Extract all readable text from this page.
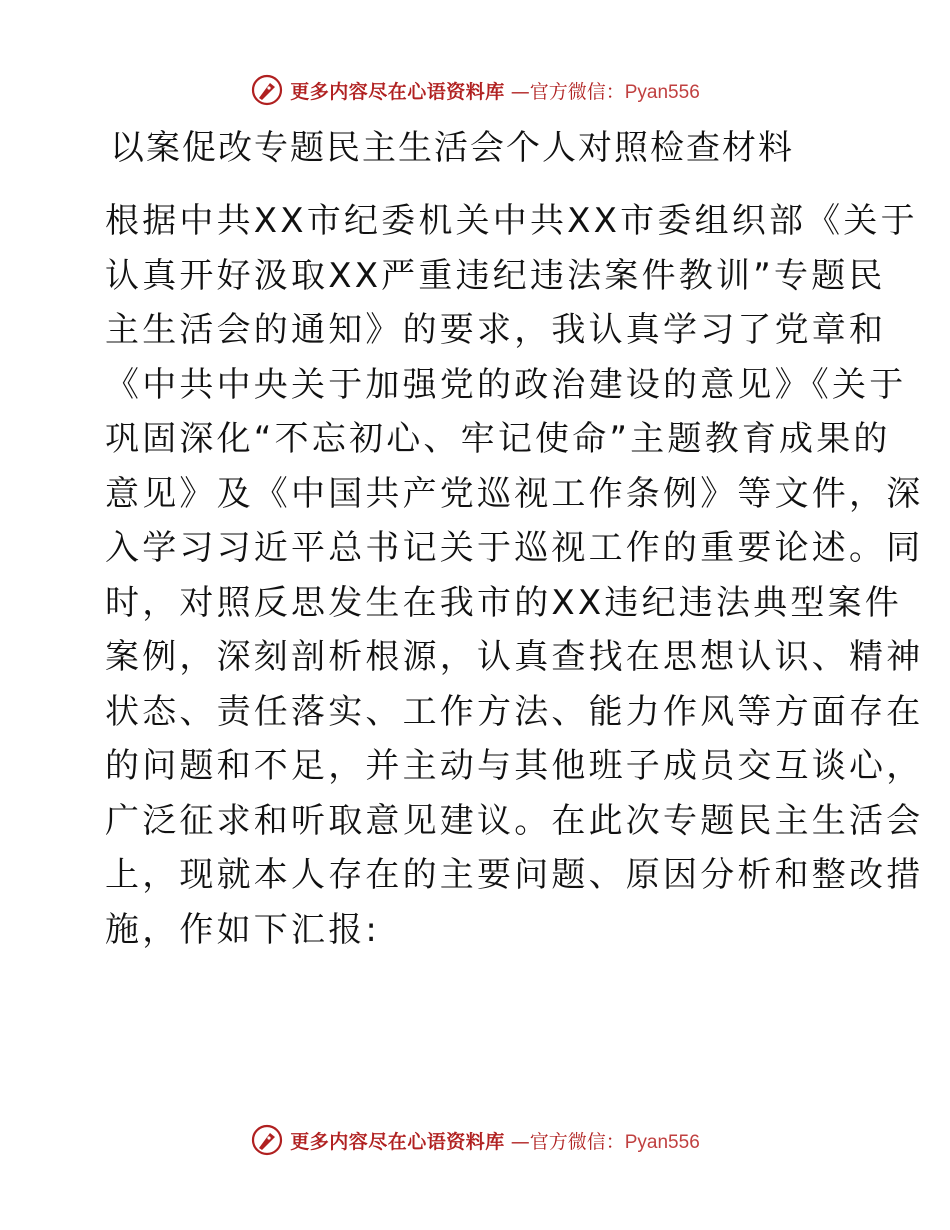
更多内容尽在心语资料库 —官方微信：Pyan556
以案促改专题民主生活会个人对照检查材料
根据中共XX市纪委机关中共XX市委组织部《关于
认真开好汲取XX严重违纪违法案件教训”专题民
主生活会的通知》的要求，我认真学习了党章和
《中共中央关于加强党的政治建设的意见》《关于
巩固深化“不忘初心、牢记使命”主题教育成果的
意见》及《中国共产党巡视工作条例》等文件，深
入学习习近平总书记关于巡视工作的重要论述。同
时，对照反思发生在我市的XX违纪违法典型案件
案例，深刻剖析根源，认真查找在思想认识、精神
状态、责任落实、工作方法、能力作风等方面存在
的问题和不足，并主动与其他班子成员交互谈心，
广泛征求和听取意见建议。在此次专题民主生活会
上，现就本人存在的主要问题、原因分析和整改措
施，作如下汇报:
更多内容尽在心语资料库 —官方微信：Pyan556
